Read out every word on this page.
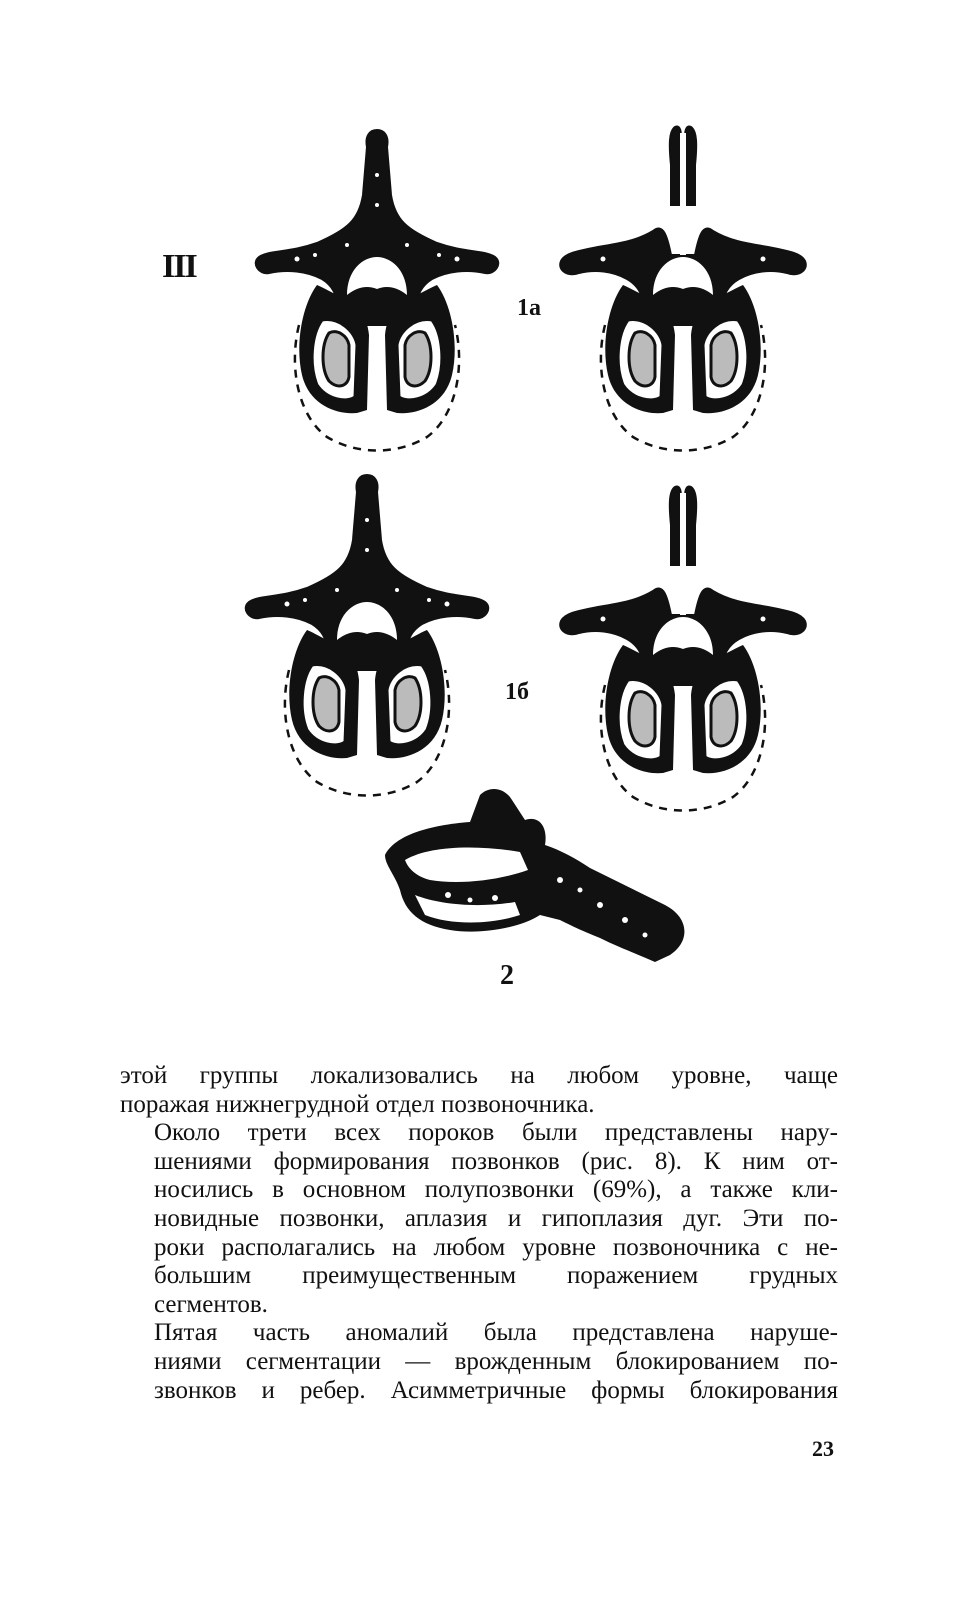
III
1a
1б
2

этой группы локализовались на любом уровне, чаще
поражая нижнегрудной отдел позвоночника.

Около трети всех пороков были представлены нару-
шениями формирования позвонков (рис. 8). К ним от-
носились в основном полупозвонки (69%), а также кли-
новидные позвонки, аплазия и гипоплазия дуг. Эти по-
роки располагались на любом уровне позвоночника с не-
большим преимущественным поражением грудных
сегментов.

Пятая часть аномалий была представлена наруше-
ниями сегментации — врожденным блокированием по-
звонков и ребер. Асимметричные формы блокирования

23
